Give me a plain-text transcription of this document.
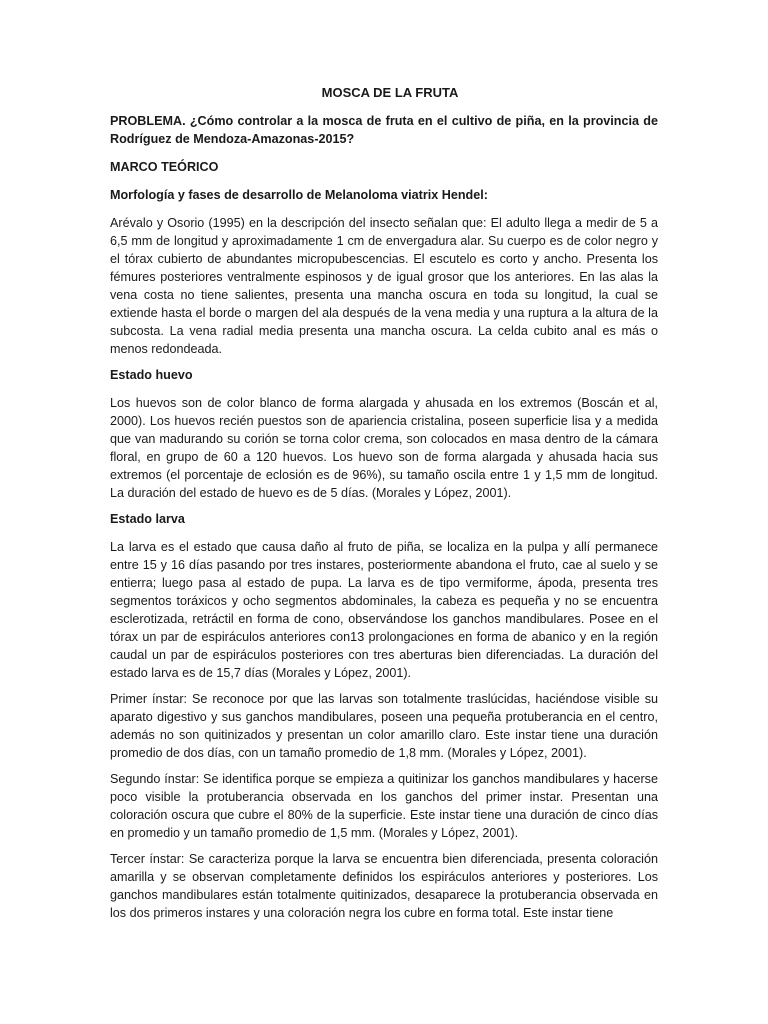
MOSCA DE LA FRUTA

PROBLEMA. ¿Cómo controlar a la mosca de fruta en el cultivo de piña, en la provincia de Rodríguez de Mendoza-Amazonas-2015?

MARCO TEÓRICO
Morfología y fases de desarrollo de Melanoloma viatrix Hendel:

Arévalo y Osorio (1995) en la descripción del insecto señalan que: El adulto llega a medir de 5 a 6,5 mm de longitud y aproximadamente 1 cm de envergadura alar. Su cuerpo es de color negro y el tórax cubierto de abundantes micropubescencias. El escutelo es corto y ancho. Presenta los fémures posteriores ventralmente espinosos y de igual grosor que los anteriores. En las alas la vena costa no tiene salientes, presenta una mancha oscura en toda su longitud, la cual se extiende hasta el borde o margen del ala después de la vena media y una ruptura a la altura de la subcosta. La vena radial media presenta una mancha oscura. La celda cubito anal es más o menos redondeada.

Estado huevo

Los huevos son de color blanco de forma alargada y ahusada en los extremos (Boscán et al, 2000). Los huevos recién puestos son de apariencia cristalina, poseen superficie lisa y a medida que van madurando su corión se torna color crema, son colocados en masa dentro de la cámara floral, en grupo de 60 a 120 huevos. Los huevo son de forma alargada y ahusada hacia sus extremos (el porcentaje de eclosión es de 96%), su tamaño oscila entre 1 y 1,5 mm de longitud. La duración del estado de huevo es de 5 días. (Morales y López, 2001).

Estado larva

La larva es el estado que causa daño al fruto de piña, se localiza en la pulpa y allí permanece entre 15 y 16 días pasando por tres instares, posteriormente abandona el fruto, cae al suelo y se entierra; luego pasa al estado de pupa. La larva es de tipo vermiforme, ápoda, presenta tres segmentos toráxicos y ocho segmentos abdominales, la cabeza es pequeña y no se encuentra esclerotizada, retráctil en forma de cono, observándose los ganchos mandibulares. Posee en el tórax un par de espiráculos anteriores con13 prolongaciones en forma de abanico y en la región caudal un par de espiráculos posteriores con tres aberturas bien diferenciadas. La duración del estado larva es de 15,7 días (Morales y López, 2001).

Primer ínstar: Se reconoce por que las larvas son totalmente traslúcidas, haciéndose visible su aparato digestivo y sus ganchos mandibulares, poseen una pequeña protuberancia en el centro, además no son quitinizados y presentan un color amarillo claro. Este instar tiene una duración promedio de dos días, con un tamaño promedio de 1,8 mm. (Morales y López, 2001).

Segundo ínstar: Se identifica porque se empieza a quitinizar los ganchos mandibulares y hacerse poco visible la protuberancia observada en los ganchos del primer instar. Presentan una coloración oscura que cubre el 80% de la superficie. Este instar tiene una duración de cinco días en promedio y un tamaño promedio de 1,5 mm. (Morales y López, 2001).

Tercer ínstar: Se caracteriza porque la larva se encuentra bien diferenciada, presenta coloración amarilla y se observan completamente definidos los espiráculos anteriores y posteriores. Los ganchos mandibulares están totalmente quitinizados, desaparece la protuberancia observada en los dos primeros instares y una coloración negra los cubre en forma total. Este instar tiene
